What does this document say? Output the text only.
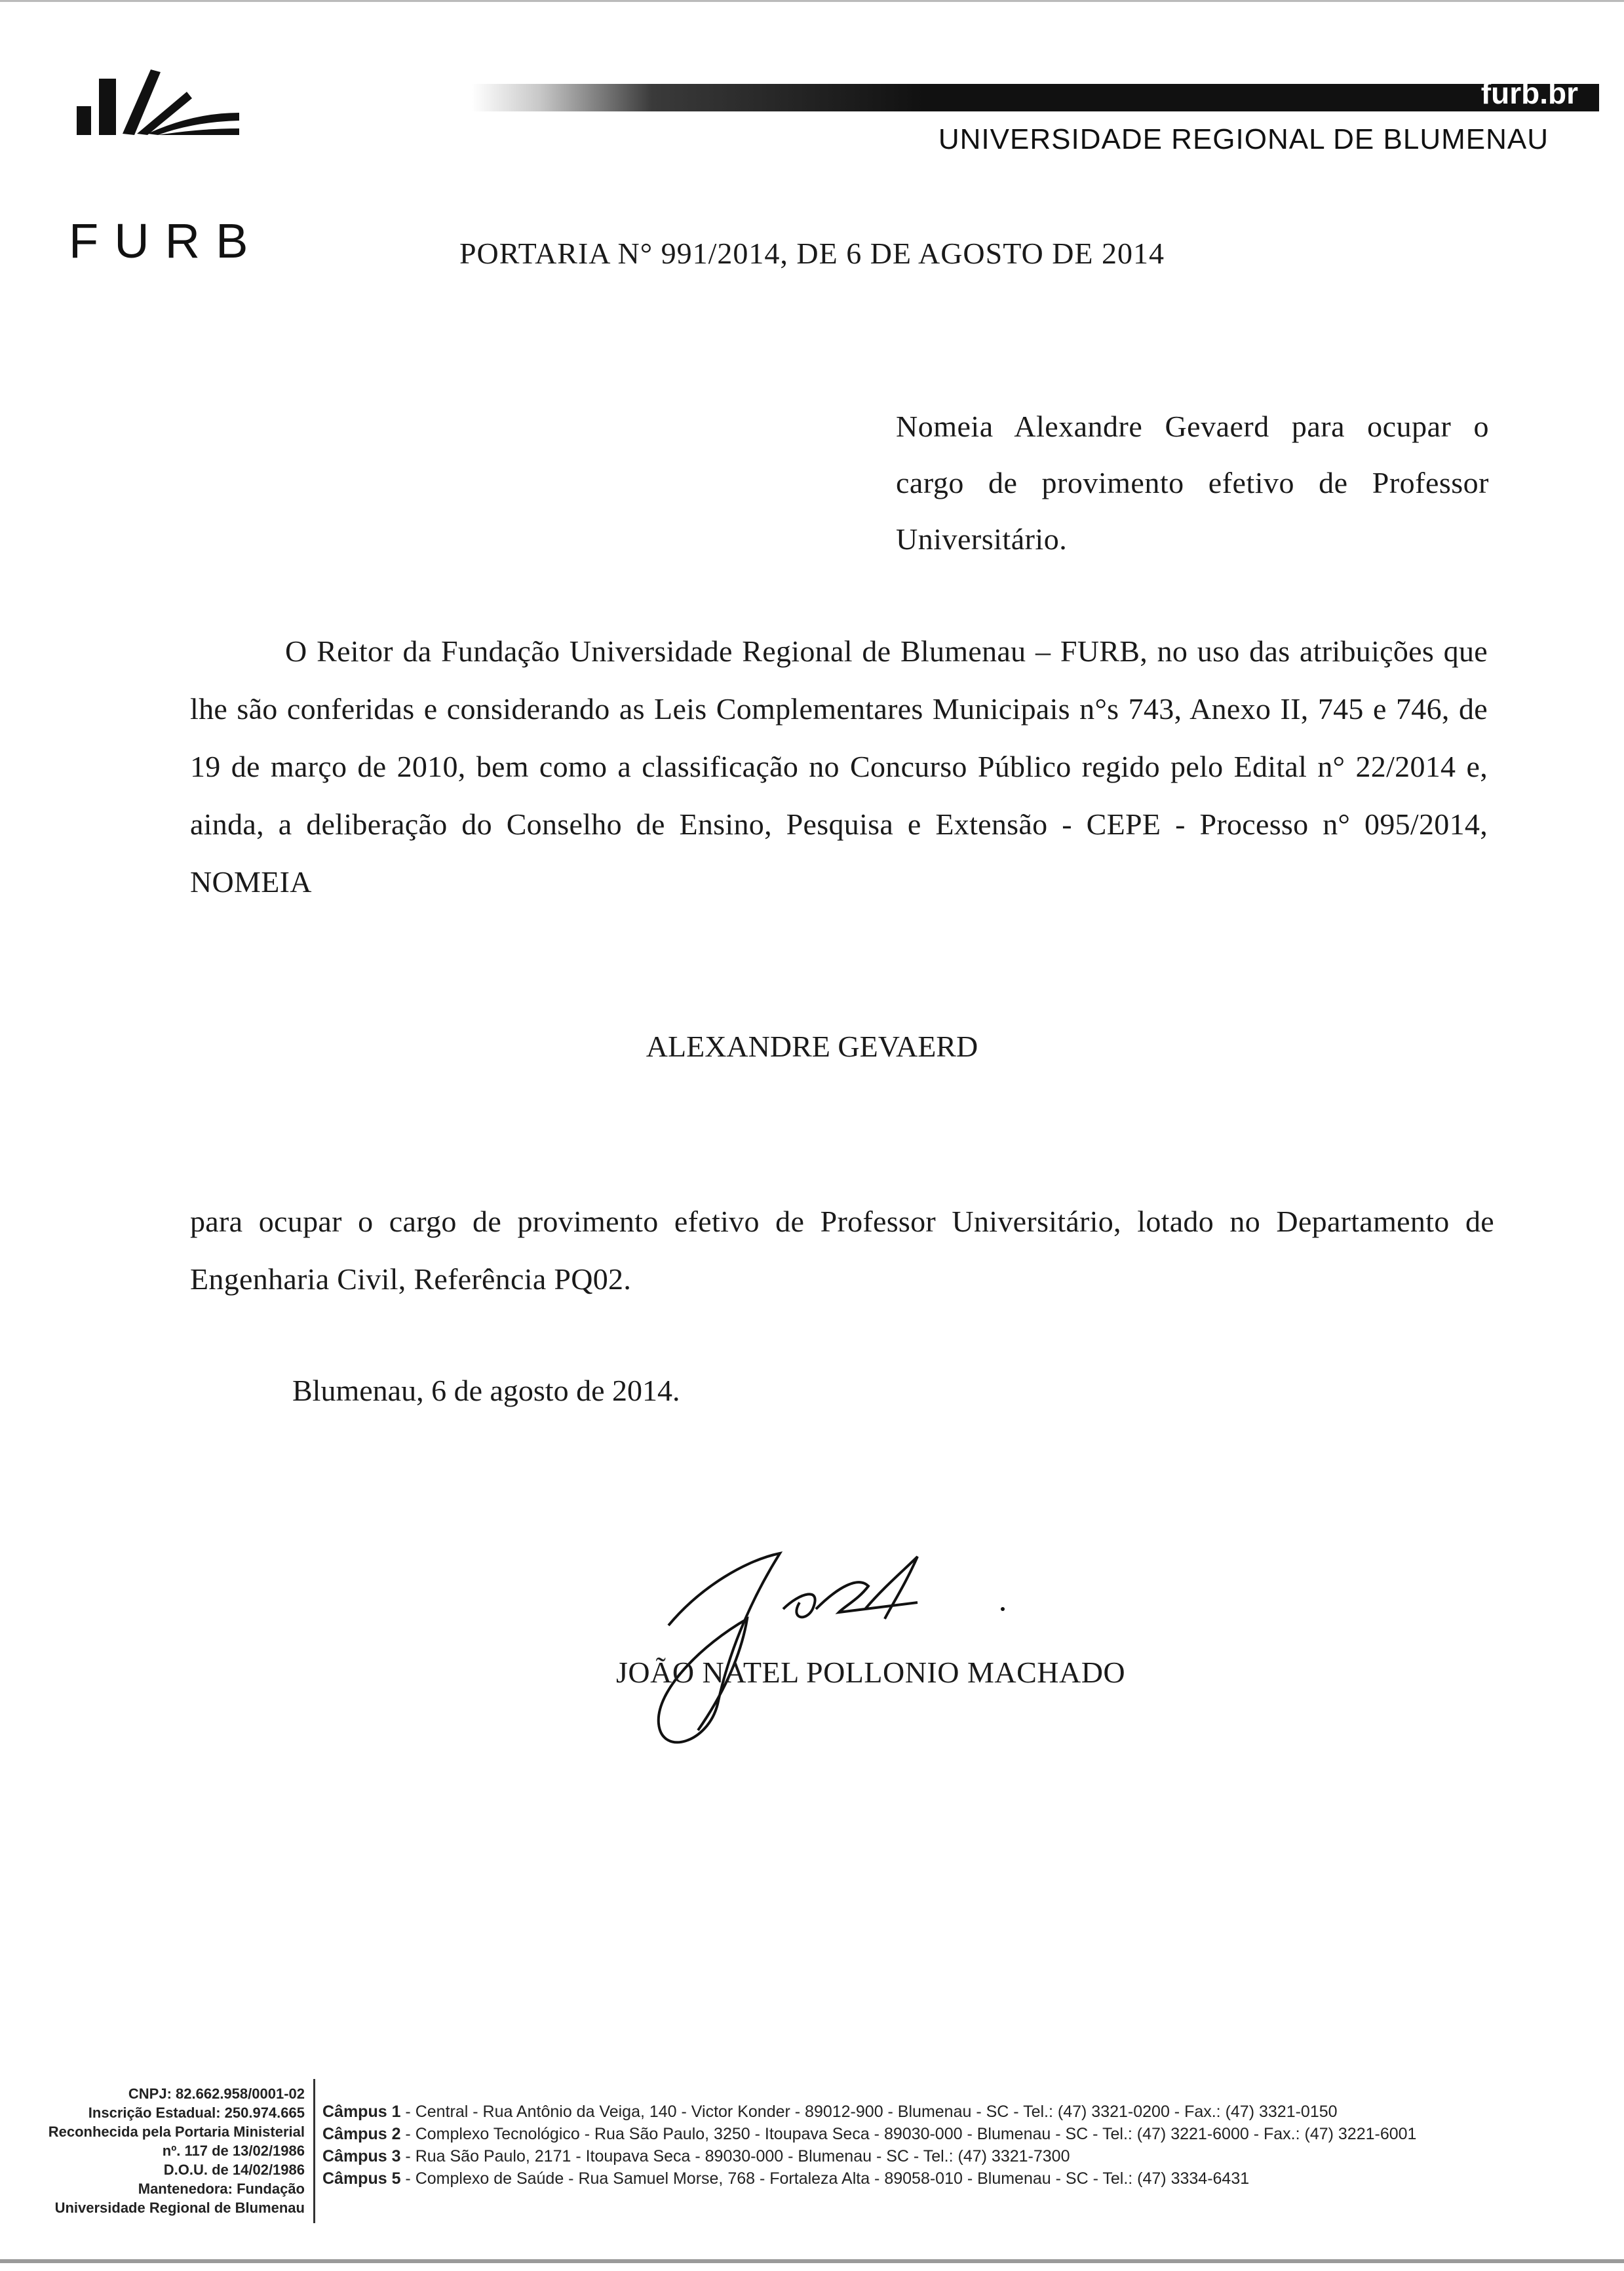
FURB
furb.br
UNIVERSIDADE REGIONAL DE BLUMENAU
PORTARIA N° 991/2014, DE 6 DE AGOSTO DE 2014
Nomeia Alexandre Gevaerd para ocupar o cargo de provimento efetivo de Professor Universitário.
O Reitor da Fundação Universidade Regional de Blumenau – FURB, no uso das atribuições que lhe são conferidas e considerando as Leis Complementares Municipais n°s 743, Anexo II, 745 e 746, de 19 de março de 2010, bem como a classificação no Concurso Público regido pelo Edital n° 22/2014 e, ainda, a deliberação do Conselho de Ensino, Pesquisa e Extensão - CEPE - Processo n° 095/2014, NOMEIA
ALEXANDRE GEVAERD
para ocupar o cargo de provimento efetivo de Professor Universitário, lotado no Departamento de Engenharia Civil, Referência PQ02.
Blumenau, 6 de agosto de 2014.
JOÃO NATEL POLLONIO MACHADO
CNPJ: 82.662.958/0001-02
Inscrição Estadual: 250.974.665
Reconhecida pela Portaria Ministerial
nº. 117 de 13/02/1986
D.O.U. de 14/02/1986
Mantenedora: Fundação
Universidade Regional de Blumenau
Câmpus 1 - Central - Rua Antônio da Veiga, 140 - Victor Konder - 89012-900 - Blumenau - SC - Tel.: (47) 3321-0200 - Fax.: (47) 3321-0150
Câmpus 2 - Complexo Tecnológico - Rua São Paulo, 3250 - Itoupava Seca - 89030-000 - Blumenau - SC - Tel.: (47) 3221-6000 - Fax.: (47) 3221-6001
Câmpus 3 - Rua São Paulo, 2171 - Itoupava Seca - 89030-000 - Blumenau - SC - Tel.: (47) 3321-7300
Câmpus 5 - Complexo de Saúde - Rua Samuel Morse, 768 - Fortaleza Alta - 89058-010 - Blumenau - SC - Tel.: (47) 3334-6431
